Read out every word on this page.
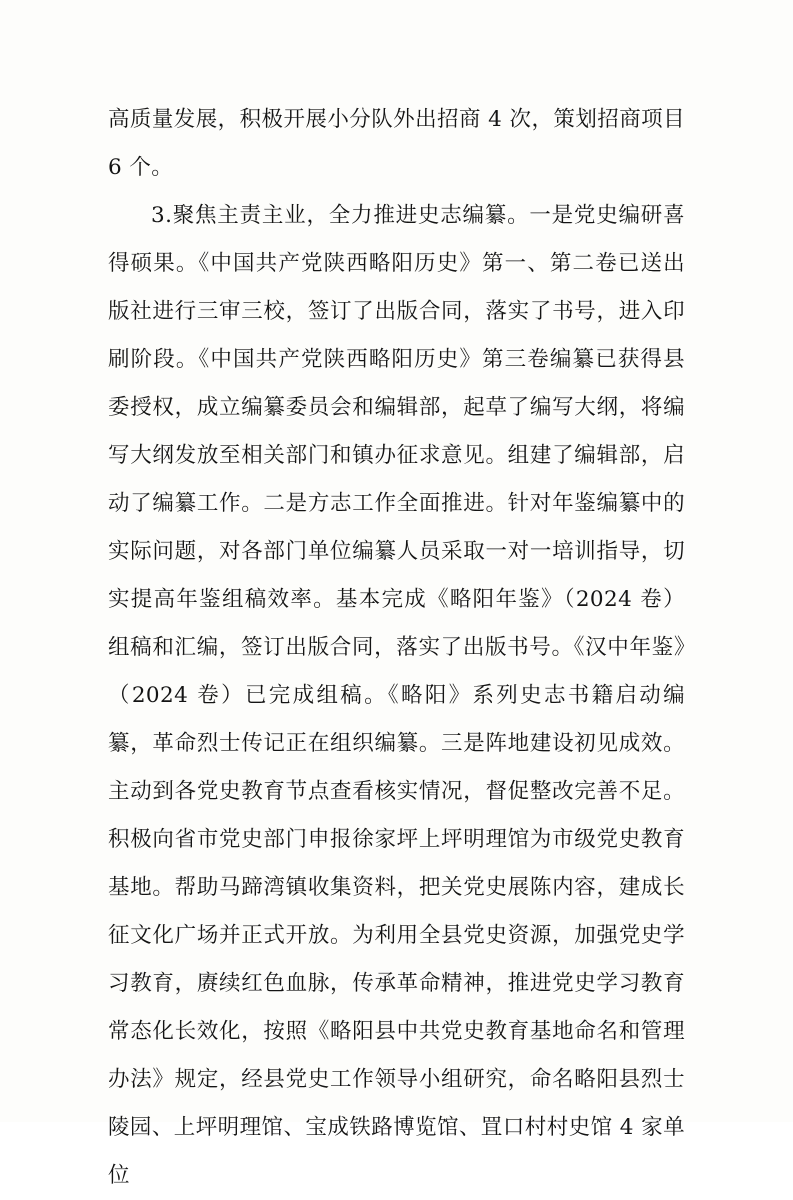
高质量发展，积极开展小分队外出招商 4 次，策划招商项目 6 个。

3.聚焦主责主业，全力推进史志编纂。一是党史编研喜得硕果。《中国共产党陕西略阳历史》第一、第二卷已送出版社进行三审三校，签订了出版合同，落实了书号，进入印刷阶段。《中国共产党陕西略阳历史》第三卷编纂已获得县委授权，成立编纂委员会和编辑部，起草了编写大纲，将编写大纲发放至相关部门和镇办征求意见。组建了编辑部，启动了编纂工作。二是方志工作全面推进。针对年鉴编纂中的实际问题，对各部门单位编纂人员采取一对一培训指导，切实提高年鉴组稿效率。基本完成《略阳年鉴》（2024 卷）组稿和汇编，签订出版合同，落实了出版书号。《汉中年鉴》（2024 卷）已完成组稿。《略阳》系列史志书籍启动编纂，革命烈士传记正在组织编纂。三是阵地建设初见成效。主动到各党史教育节点查看核实情况，督促整改完善不足。积极向省市党史部门申报徐家坪上坪明理馆为市级党史教育基地。帮助马蹄湾镇收集资料，把关党史展陈内容，建成长征文化广场并正式开放。为利用全县党史资源，加强党史学习教育，赓续红色血脉，传承革命精神，推进党史学习教育常态化长效化，按照《略阳县中共党史教育基地命名和管理办法》规定，经县党史工作领导小组研究，命名略阳县烈士陵园、上坪明理馆、宝成铁路博览馆、罝口村村史馆 4 家单位
